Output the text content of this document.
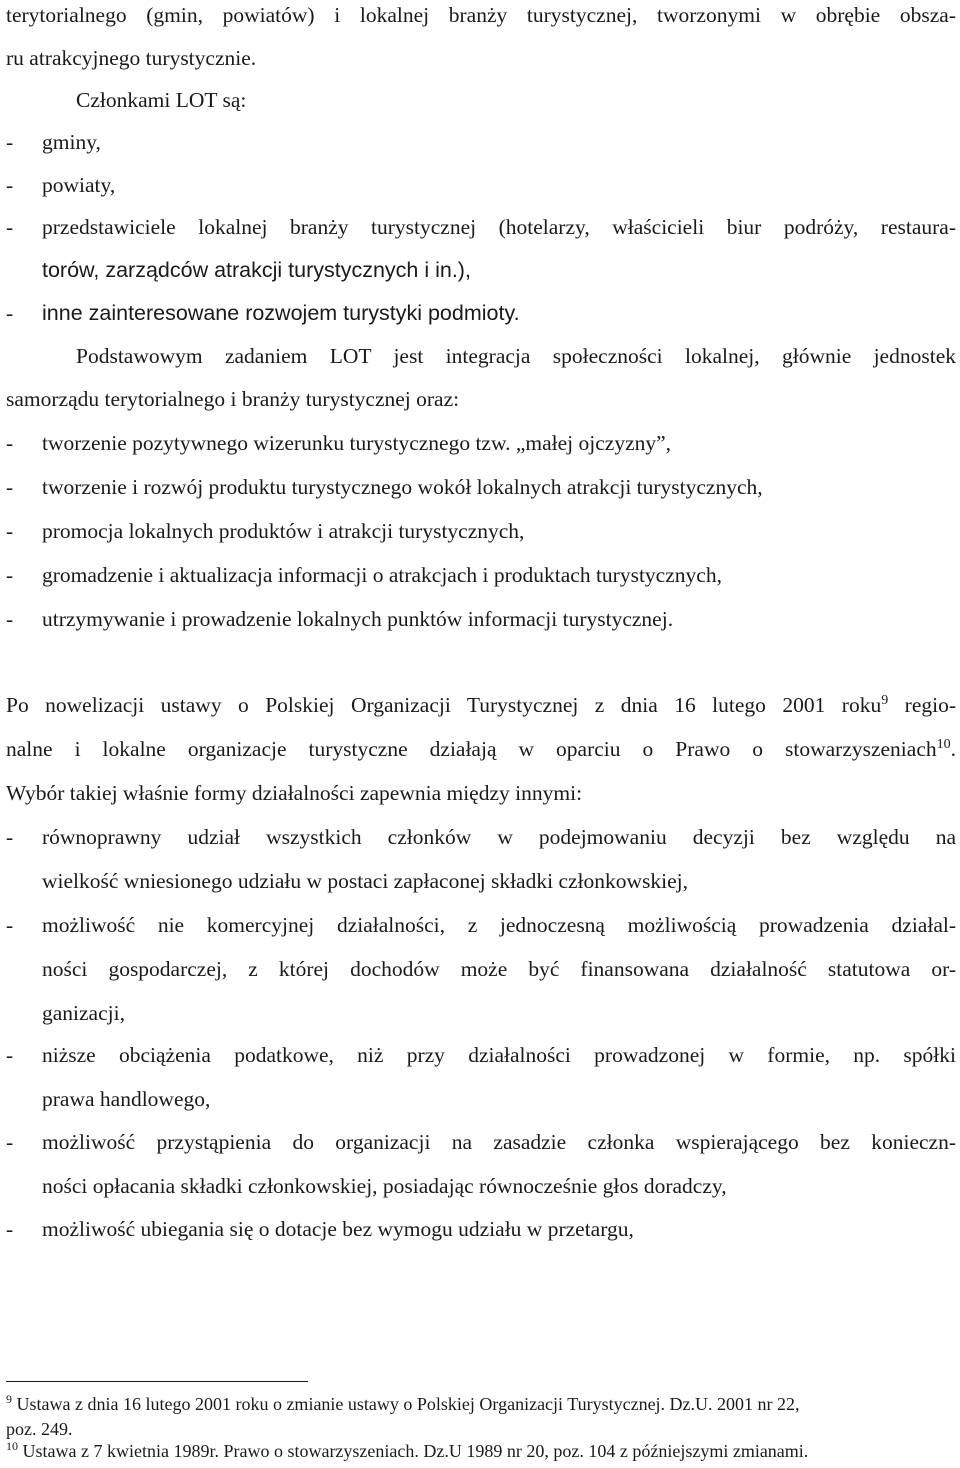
terytorialnego (gmin, powiatów) i lokalnej branży turystycznej, tworzonymi w obrębie obsza-
ru atrakcyjnego turystycznie.
Członkami LOT są:
- gminy,
- powiaty,
- przedstawiciele lokalnej branży turystycznej (hotelarzy, właścicieli biur podróży, restaura-
torów, zarządców atrakcji turystycznych i in.),
- inne zainteresowane rozwojem turystyki podmioty.
Podstawowym zadaniem LOT jest integracja społeczności lokalnej, głównie jednostek
samorządu terytorialnego i branży turystycznej oraz:
- tworzenie pozytywnego wizerunku turystycznego tzw. „małej ojczyzny”,
- tworzenie i rozwój produktu turystycznego wokół lokalnych atrakcji turystycznych,
- promocja lokalnych produktów i atrakcji turystycznych,
- gromadzenie i aktualizacja informacji o atrakcjach i produktach turystycznych,
- utrzymywanie i prowadzenie lokalnych punktów informacji turystycznej.
Po nowelizacji ustawy o Polskiej Organizacji Turystycznej z dnia 16 lutego 2001 roku$^9$ regio-
nalne i lokalne organizacje turystyczne działają w oparciu o Prawo o stowarzyszeniach$^{10}$.
Wybór takiej właśnie formy działalności zapewnia między innymi:
- równoprawny udział wszystkich członków w podejmowaniu decyzji bez względu na
wielkość wniesionego udziału w postaci zapłaconej składki członkowskiej,
- możliwość nie komercyjnej działalności, z jednoczesną możliwością prowadzenia działal-
ności gospodarczej, z której dochodów może być finansowana działalność statutowa or-
ganizacji,
- niższe obciążenia podatkowe, niż przy działalności prowadzonej w formie, np. spółki
prawa handlowego,
- możliwość przystąpienia do organizacji na zasadzie członka wspierającego bez konieczn-
ności opłacania składki członkowskiej, posiadając równocześnie głos doradczy,
- możliwość ubiegania się o dotacje bez wymogu udziału w przetargu,
$^9$ Ustawa z dnia 16 lutego 2001 roku o zmianie ustawy o Polskiej Organizacji Turystycznej. Dz.U. 2001 nr 22,
poz. 249.
$^{10}$ Ustawa z 7 kwietnia 1989r. Prawo o stowarzyszeniach. Dz.U 1989 nr 20, poz. 104 z późniejszymi zmianami.
